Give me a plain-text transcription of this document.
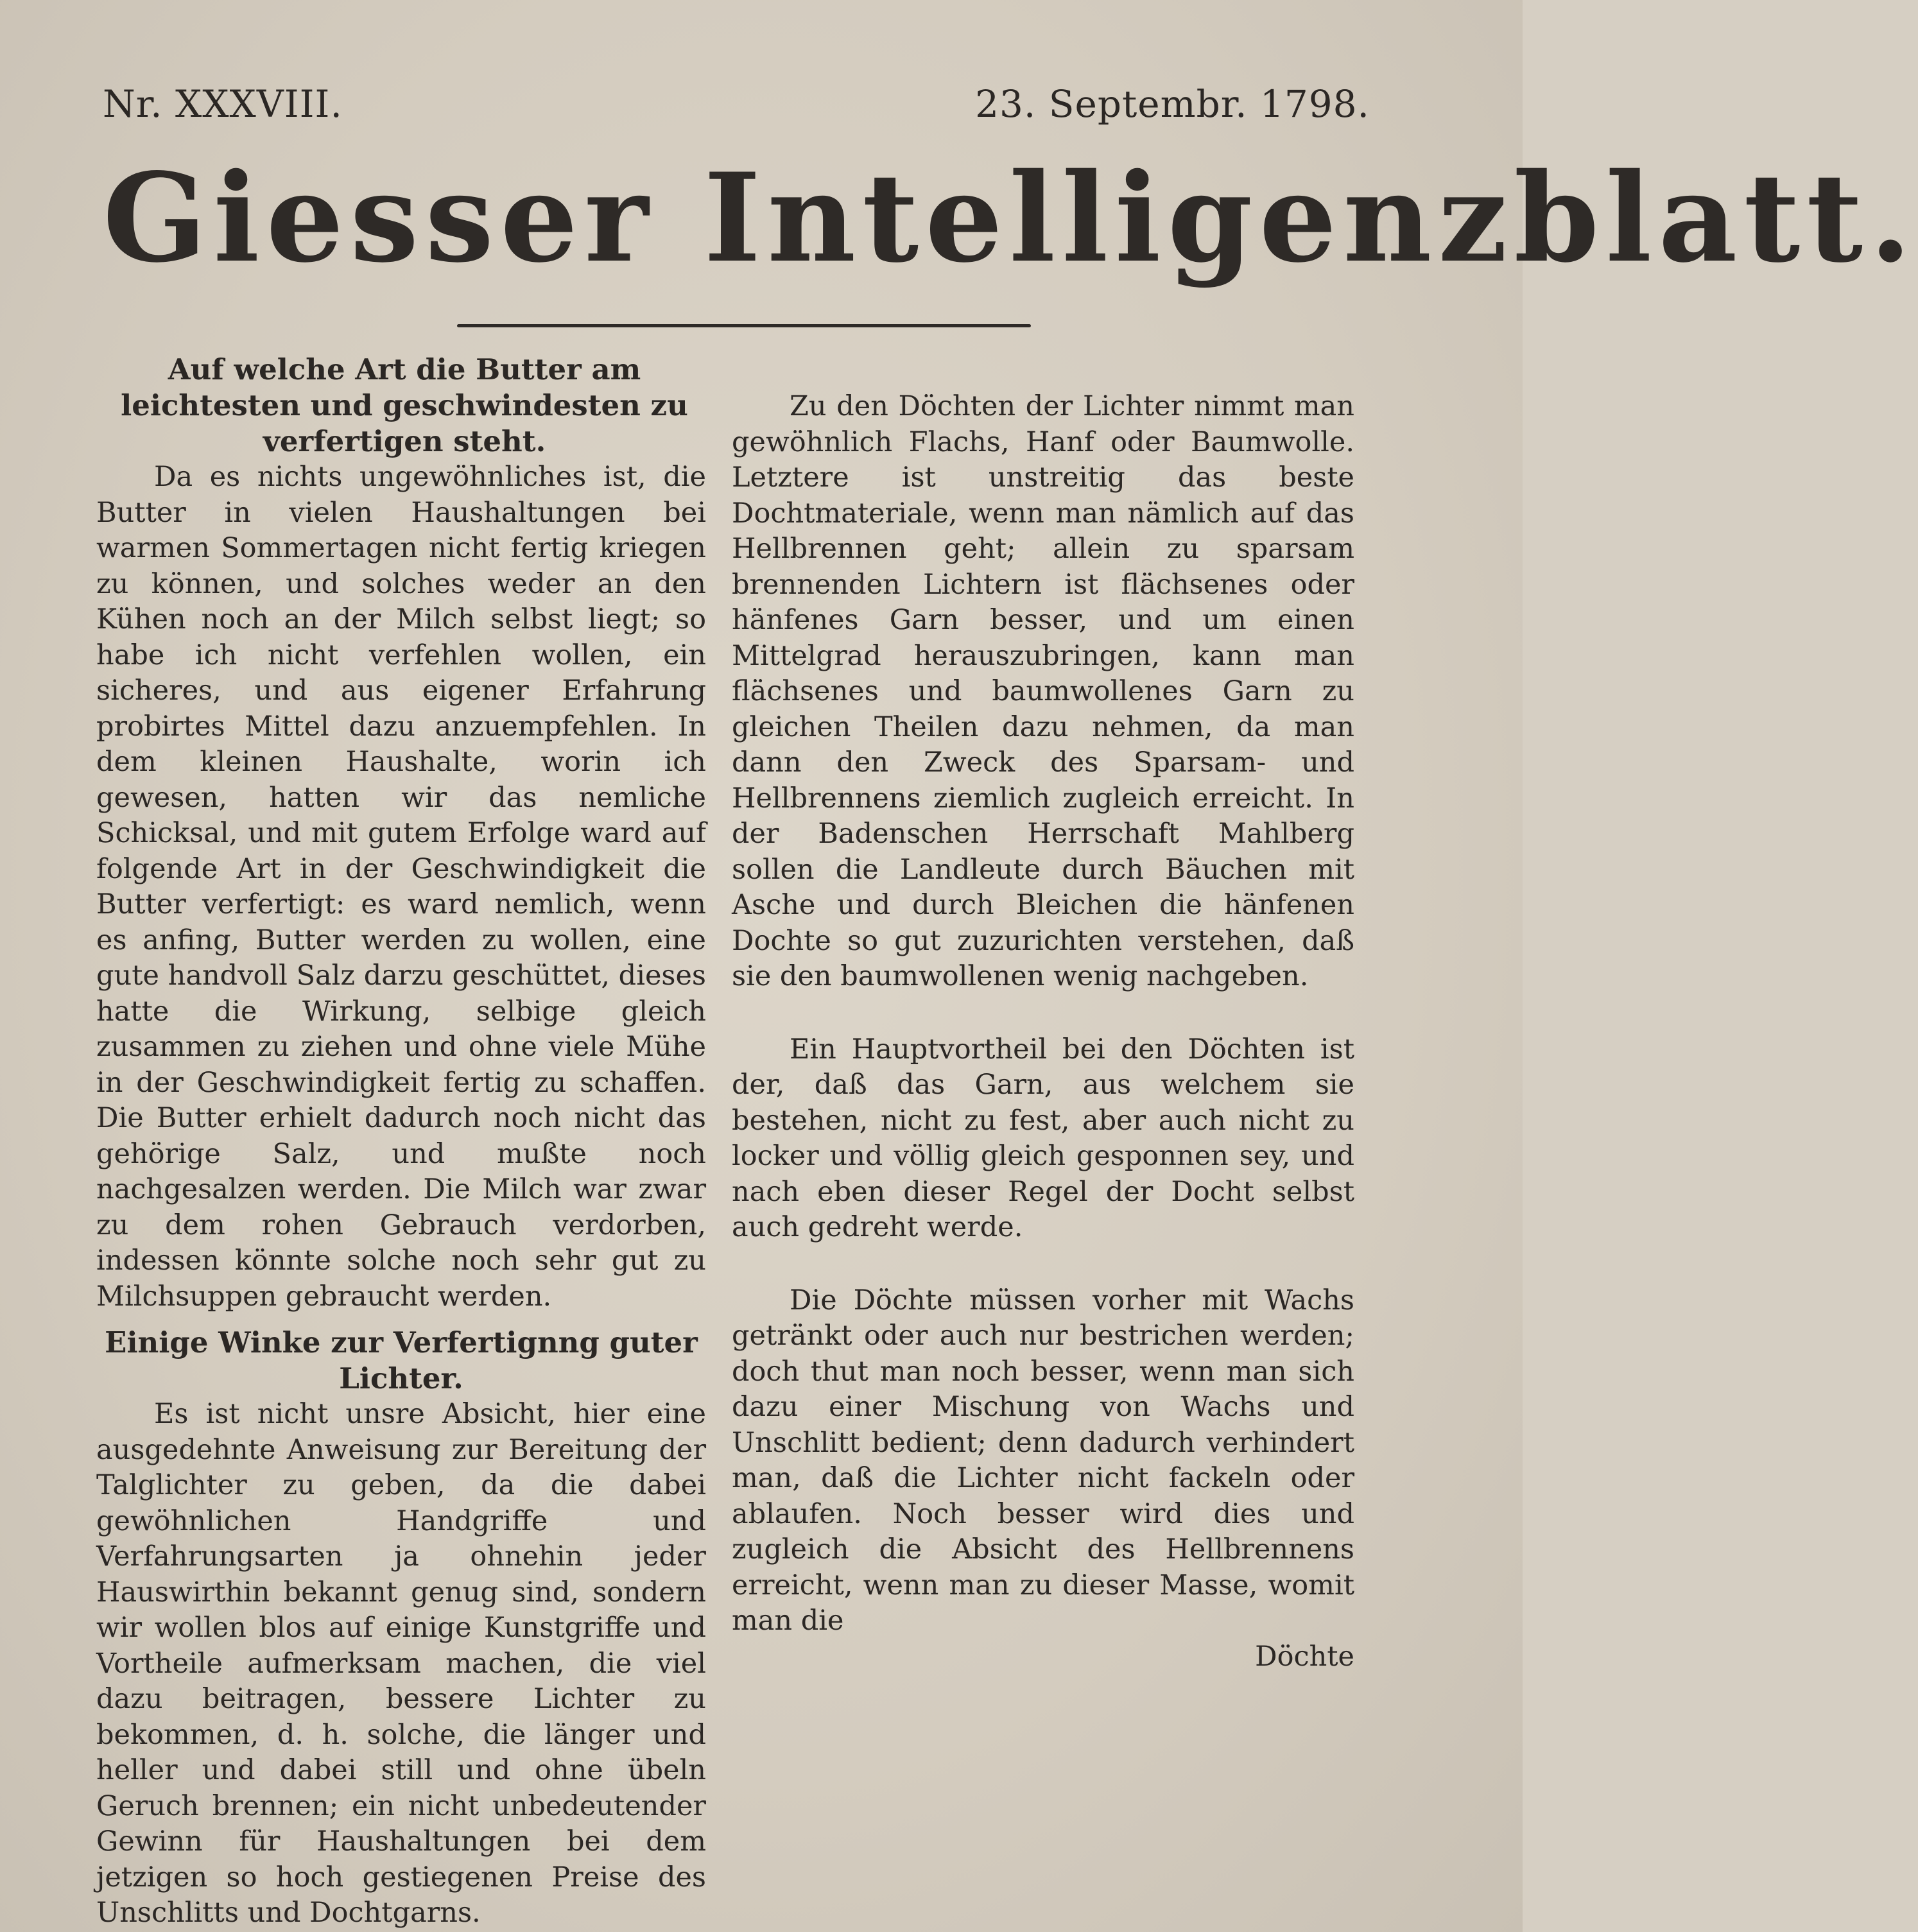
Nr. XXXVIII.	23. Septembr. 1798.
Giesser Intelligenzblatt.
Auf welche Art die Butter am leichtesten und geschwindesten zu verfertigen steht.

Da es nichts ungewöhnliches ist, die Butter in vielen Haushaltungen bei warmen Sommertagen nicht fertig kriegen zu können, und solches weder an den Kühen noch an der Milch selbst liegt; so habe ich nicht verfehlen wollen, ein sicheres, und aus eigener Erfahrung probirtes Mittel dazu anzuempfehlen. In dem kleinen Haushalte, worin ich gewesen, hatten wir das nemliche Schicksal, und mit gutem Erfolge ward auf folgende Art in der Geschwindigkeit die Butter verfertigt: es ward nemlich, wenn es anfing, Butter werden zu wollen, eine gute handvoll Salz darzu geschüttet, dieses hatte die Wirkung, selbige gleich zusammen zu ziehen und ohne viele Mühe in der Geschwindigkeit fertig zu schaffen. Die Butter erhielt dadurch noch nicht das gehörige Salz, und mußte noch nachgesalzen werden. Die Milch war zwar zu dem rohen Gebrauch verdorben, indessen könnte solche noch sehr gut zu Milchsuppen gebraucht werden.

Einige Winke zur Verfertignng guter Lichter.

Es ist nicht unsre Absicht, hier eine ausgedehnte Anweisung zur Bereitung der Talglichter zu geben, da die dabei gewöhnlichen Handgriffe und Verfahrungsarten ja ohnehin jeder Hauswirthin bekannt genug sind, sondern wir wollen blos auf einige Kunstgriffe und Vortheile aufmerksam machen, die viel dazu beitragen, bessere Lichter zu bekommen, d. h. solche, die länger und heller und dabei still und ohne übeln Geruch brennen; ein nicht unbedeutender Gewinn für Haushaltungen bei dem jetzigen so hoch gestiegenen Preise des Unschlitts und Dochtgarns.

Zu den Döchten der Lichter nimmt man gewöhnlich Flachs, Hanf oder Baumwolle. Letztere ist unstreitig das beste Dochtmateriale, wenn man nämlich auf das Hellbrennen geht; allein zu sparsam brennenden Lichtern ist flächsenes oder hänfenes Garn besser, und um einen Mittelgrad herauszubringen, kann man flächsenes und baumwollenes Garn zu gleichen Theilen dazu nehmen, da man dann den Zweck des Sparsam- und Hellbrennens ziemlich zugleich erreicht. In der Badenschen Herrschaft Mahlberg sollen die Landleute durch Bäuchen mit Asche und durch Bleichen die hänfenen Dochte so gut zuzurichten verstehen, daß sie den baumwollenen wenig nachgeben.

Ein Hauptvortheil bei den Döchten ist der, daß das Garn, aus welchem sie bestehen, nicht zu fest, aber auch nicht zu locker und völlig gleich gesponnen sey, und nach eben dieser Regel der Docht selbst auch gedreht werde.

Die Döchte müssen vorher mit Wachs getränkt oder auch nur bestrichen werden; doch thut man noch besser, wenn man sich dazu einer Mischung von Wachs und Unschlitt bedient; denn dadurch verhindert man, daß die Lichter nicht fackeln oder ablaufen. Noch besser wird dies und zugleich die Absicht des Hellbrennens erreicht, wenn man zu dieser Masse, womit man die

Döchte
